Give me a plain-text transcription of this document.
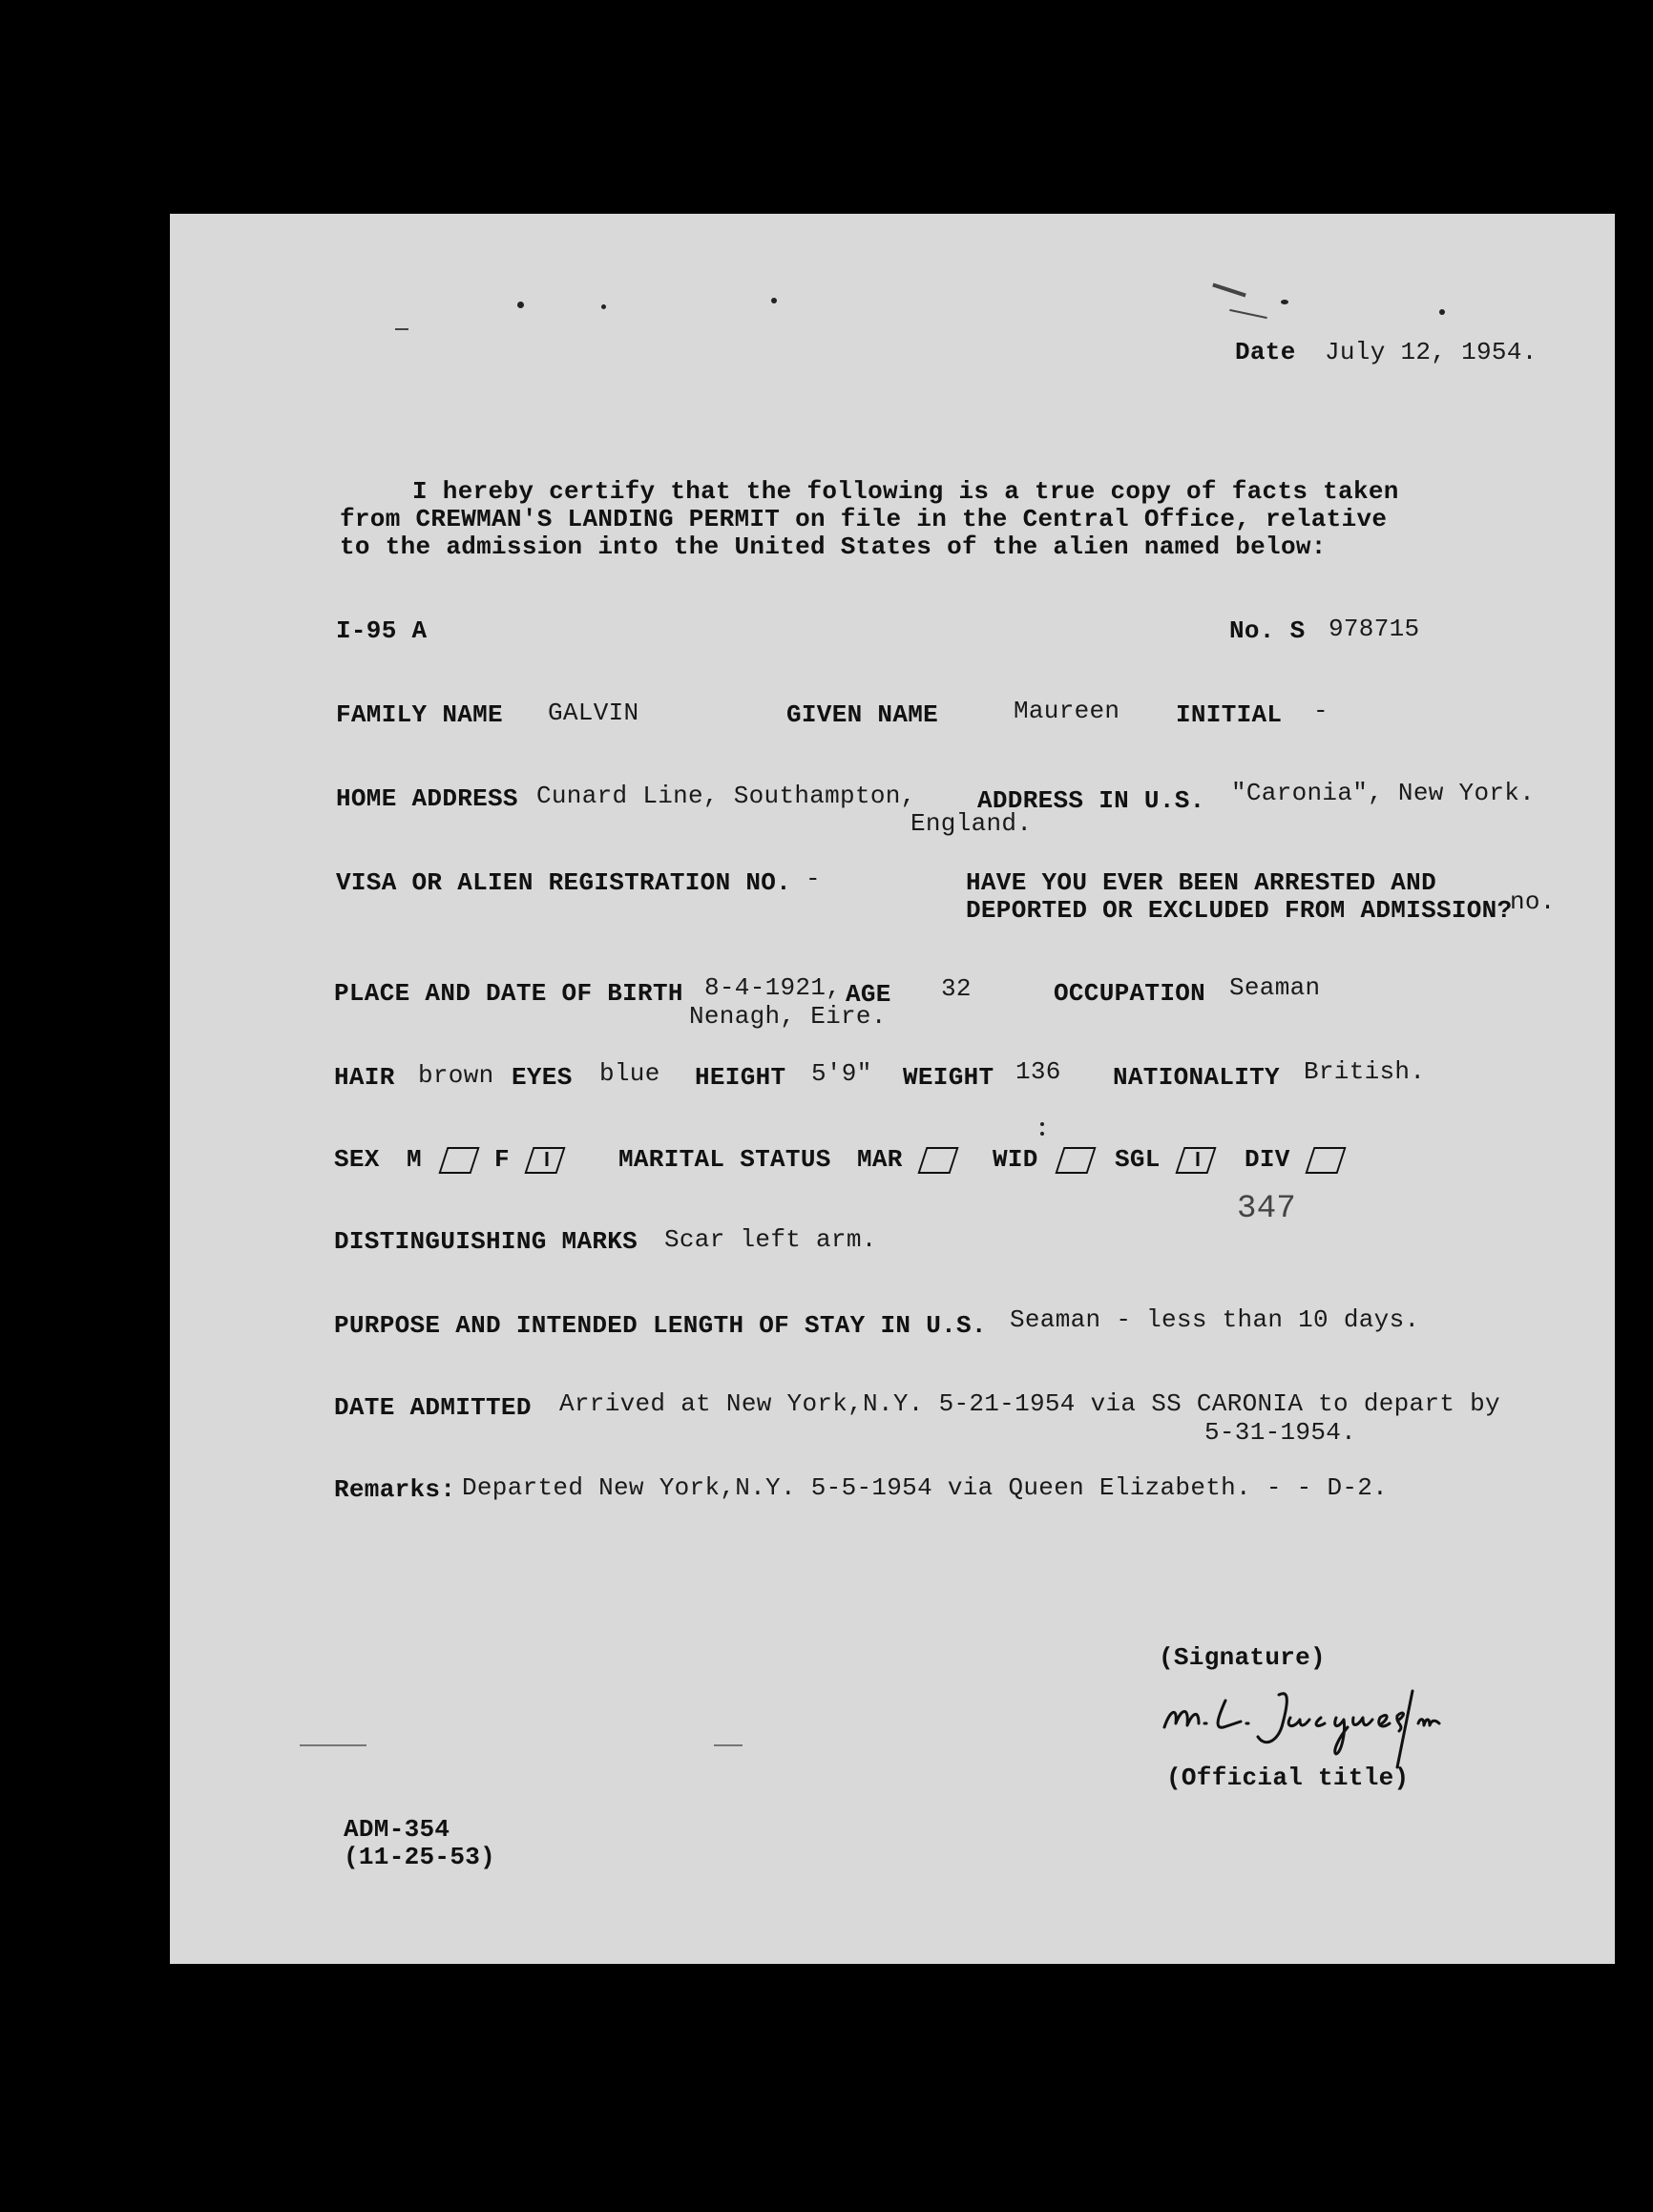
Date July 12, 1954.
I hereby certify that the following is a true copy of facts taken
from CREWMAN'S LANDING PERMIT on file in the Central Office, relative
to the admission into the United States of the alien named below:
I-95 A	No. S 978715
FAMILY NAME GALVIN	GIVEN NAME	Maureen INITIAL -
HOME ADDRESS Cunard Line, Southampton,
England.
ADDRESS IN U.S. "Caronia", New York.
VISA OR ALIEN REGISTRATION NO. -	HAVE YOU EVER BEEN ARRESTED AND
DEPORTED OR EXCLUDED FROM ADMISSION?
no.
PLACE AND DATE OF BIRTH 8-4-1921,
Nenagh, Eire.
AGE 32	OCCUPATION Seaman
HAIR brown EYES blue HEIGHT 5'9" WEIGHT 136 NATIONALITY British.
SEX M	F	MARITAL STATUS MAR	WID	SGL	DIV
347
DISTINGUISHING MARKS Scar left arm.
PURPOSE AND INTENDED LENGTH OF STAY IN U.S. Seaman - less than 10 days.
DATE ADMITTED Arrived at New York,N.Y. 5-21-1954 via SS CARONIA to depart by
5-31-1954.
Remarks: Departed New York,N.Y. 5-5-1954 via Queen Elizabeth. - - D-2.
(Signature)
(Official title)
ADM-354
(11-25-53)
